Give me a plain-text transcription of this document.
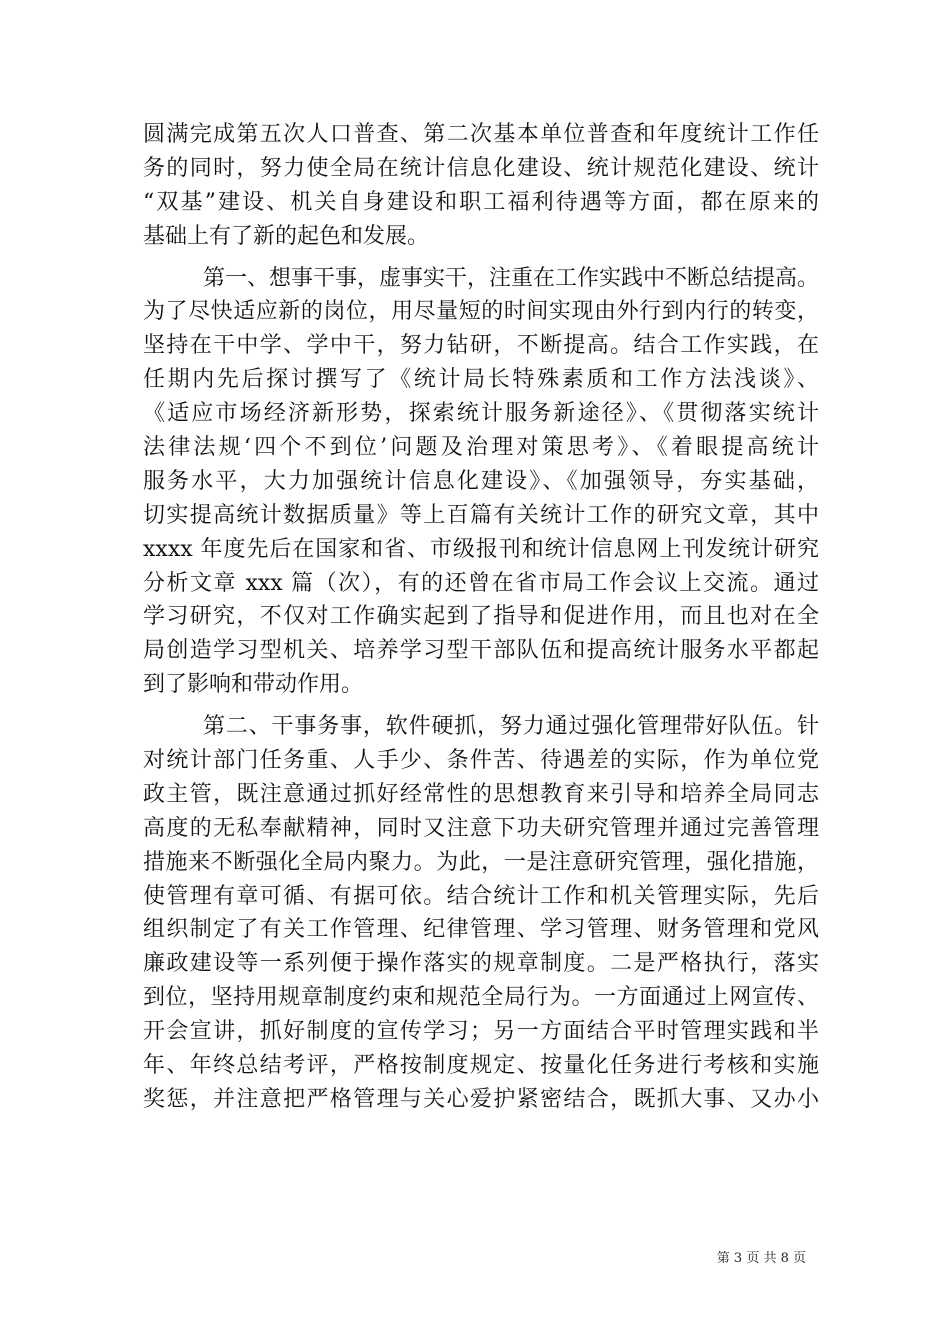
圆满完成第五次人口普查、第二次基本单位普查和年度统计工作任
务的同时，努力使全局在统计信息化建设、统计规范化建设、统计
“双基”建设、机关自身建设和职工福利待遇等方面，都在原来的
基础上有了新的起色和发展。
第一、想事干事，虚事实干，注重在工作实践中不断总结提高。
为了尽快适应新的岗位，用尽量短的时间实现由外行到内行的转变，
坚持在干中学、学中干，努力钻研，不断提高。结合工作实践，在
任期内先后探讨撰写了《统计局长特殊素质和工作方法浅谈》、
《适应市场经济新形势，探索统计服务新途径》、《贯彻落实统计
法律法规‘四个不到位’问题及治理对策思考》、《着眼提高统计
服务水平，大力加强统计信息化建设》、《加强领导，夯实基础，
切实提高统计数据质量》等上百篇有关统计工作的研究文章，其中
xxxx 年度先后在国家和省、市级报刊和统计信息网上刊发统计研究
分析文章 xxx 篇（次），有的还曾在省市局工作会议上交流。通过
学习研究，不仅对工作确实起到了指导和促进作用，而且也对在全
局创造学习型机关、培养学习型干部队伍和提高统计服务水平都起
到了影响和带动作用。
第二、干事务事，软件硬抓，努力通过强化管理带好队伍。针
对统计部门任务重、人手少、条件苦、待遇差的实际，作为单位党
政主管，既注意通过抓好经常性的思想教育来引导和培养全局同志
高度的无私奉献精神，同时又注意下功夫研究管理并通过完善管理
措施来不断强化全局内聚力。为此，一是注意研究管理，强化措施，
使管理有章可循、有据可依。结合统计工作和机关管理实际，先后
组织制定了有关工作管理、纪律管理、学习管理、财务管理和党风
廉政建设等一系列便于操作落实的规章制度。二是严格执行，落实
到位，坚持用规章制度约束和规范全局行为。一方面通过上网宣传、
开会宣讲，抓好制度的宣传学习；另一方面结合平时管理实践和半
年、年终总结考评，严格按制度规定、按量化任务进行考核和实施
奖惩，并注意把严格管理与关心爱护紧密结合，既抓大事、又办小
第 3 页 共 8 页
